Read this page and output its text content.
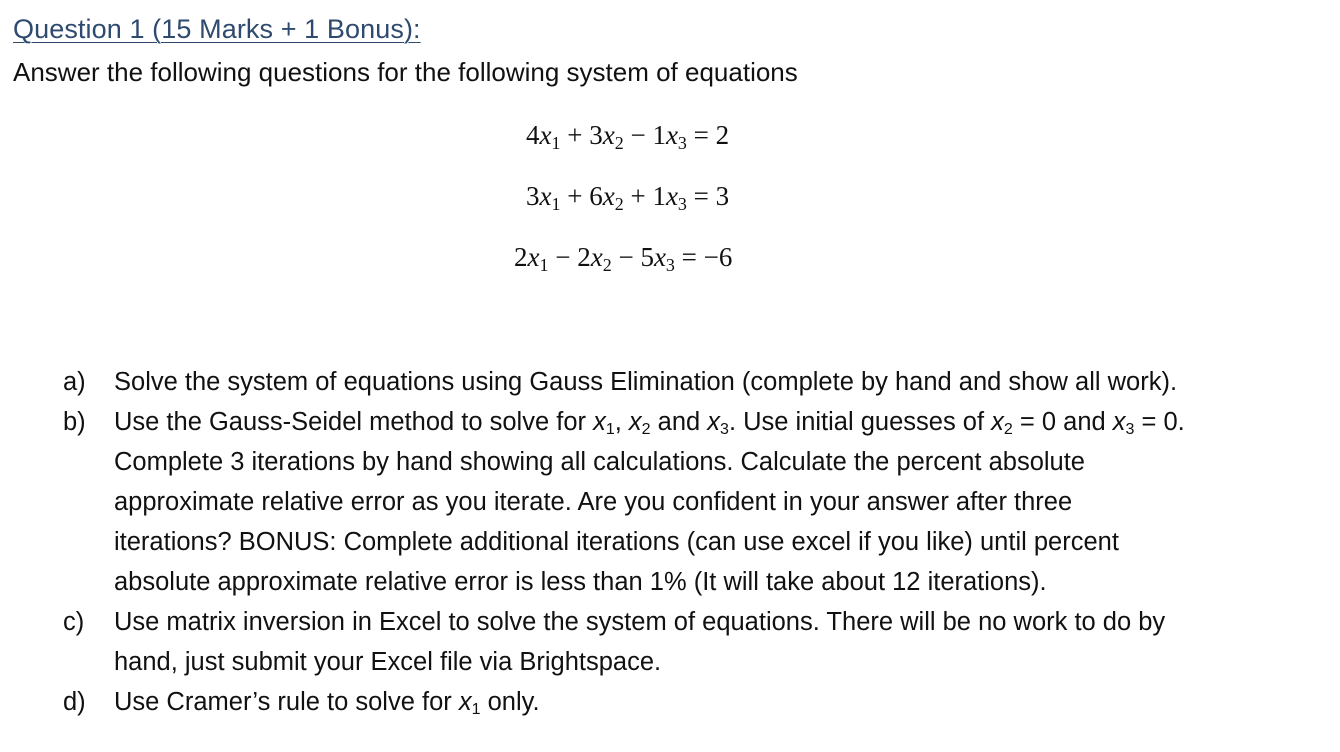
Question 1 (15 Marks + 1 Bonus):
Answer the following questions for the following system of equations
$4x_1 + 3x_2 - 1x_3 = 2$
$3x_1 + 6x_2 + 1x_3 = 3$
$2x_1 - 2x_2 - 5x_3 = -6$
a)	Solve the system of equations using Gauss Elimination (complete by hand and show all work).
b)	Use the Gauss-Seidel method to solve for $x_1$, $x_2$ and $x_3$. Use initial guesses of $x_2 = 0$ and $x_3 = 0$.
Complete 3 iterations by hand showing all calculations. Calculate the percent absolute
approximate relative error as you iterate. Are you confident in your answer after three
iterations? BONUS: Complete additional iterations (can use excel if you like) until percent
absolute approximate relative error is less than 1% (It will take about 12 iterations).
c)	Use matrix inversion in Excel to solve the system of equations. There will be no work to do by
hand, just submit your Excel file via Brightspace.
d)	Use Cramer’s rule to solve for $x_1$ only.
